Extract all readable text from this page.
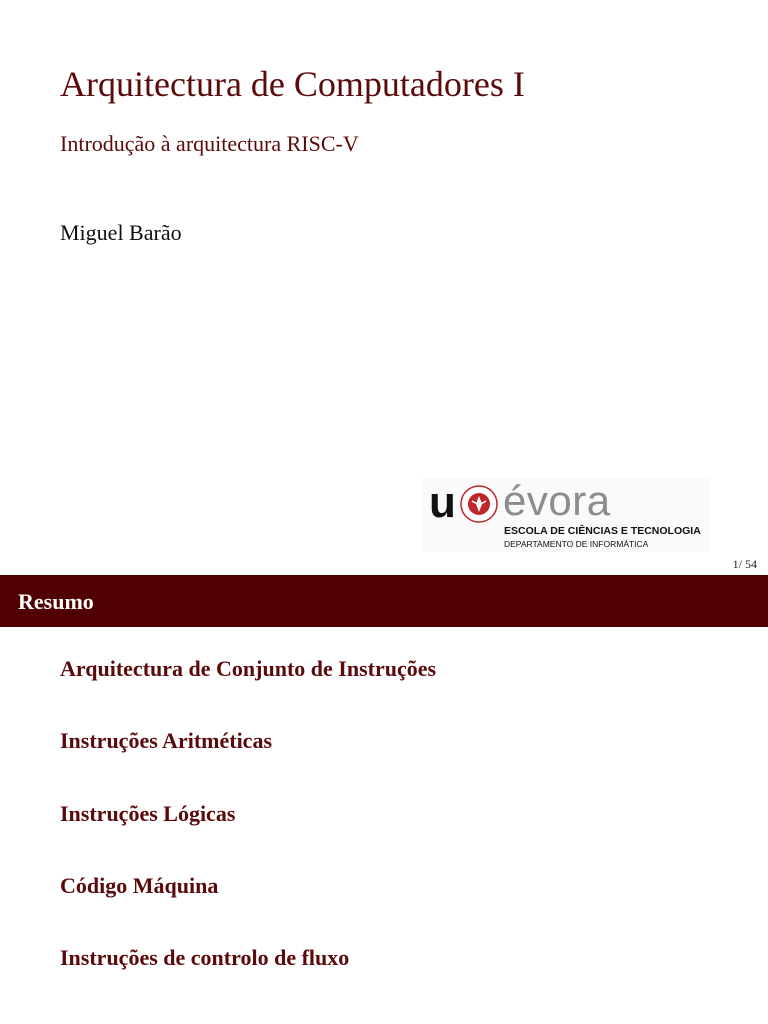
Arquitectura de Computadores I
Introdução à arquitectura RISC-V
Miguel Barão
u évora
ESCOLA DE CIÊNCIAS E TECNOLOGIA
DEPARTAMENTO DE INFORMÁTICA
1/ 54
Resumo
Arquitectura de Conjunto de Instruções
Instruções Aritméticas
Instruções Lógicas
Código Máquina
Instruções de controlo de fluxo
